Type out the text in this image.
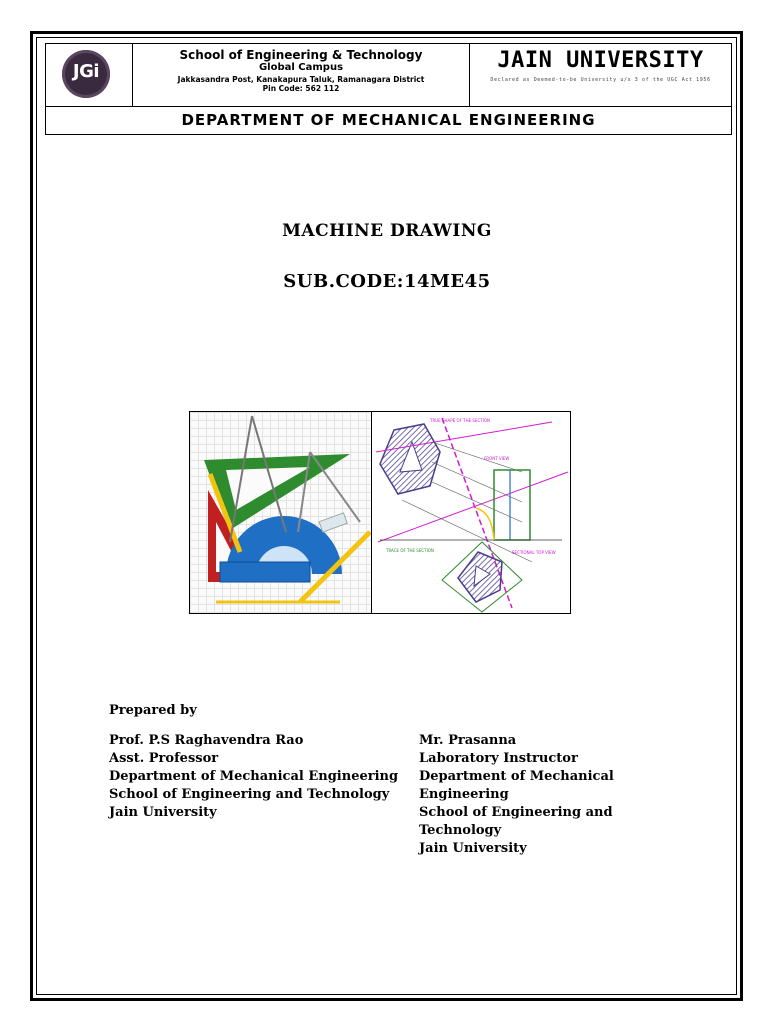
JGi
School of Engineering & Technology
Global Campus
Jakkasandra Post, Kanakapura Taluk, Ramanagara District
Pin Code: 562 112
JAIN UNIVERSITY
Declared as Deemed-to-be University u/s 3 of the UGC Act 1956
DEPARTMENT OF MECHANICAL ENGINEERING
MACHINE DRAWING
SUB.CODE:14ME45
TRUE SHAPE OF THE SECTION
FRONT VIEW
SECTIONAL TOP VIEW
TRACE OF THE SECTION
Prepared by
Prof. P.S Raghavendra Rao
Asst. Professor
Department of Mechanical Engineering
School of Engineering and Technology
Jain University
Mr. Prasanna
Laboratory Instructor
Department of Mechanical Engineering
School of Engineering and Technology
Jain University
